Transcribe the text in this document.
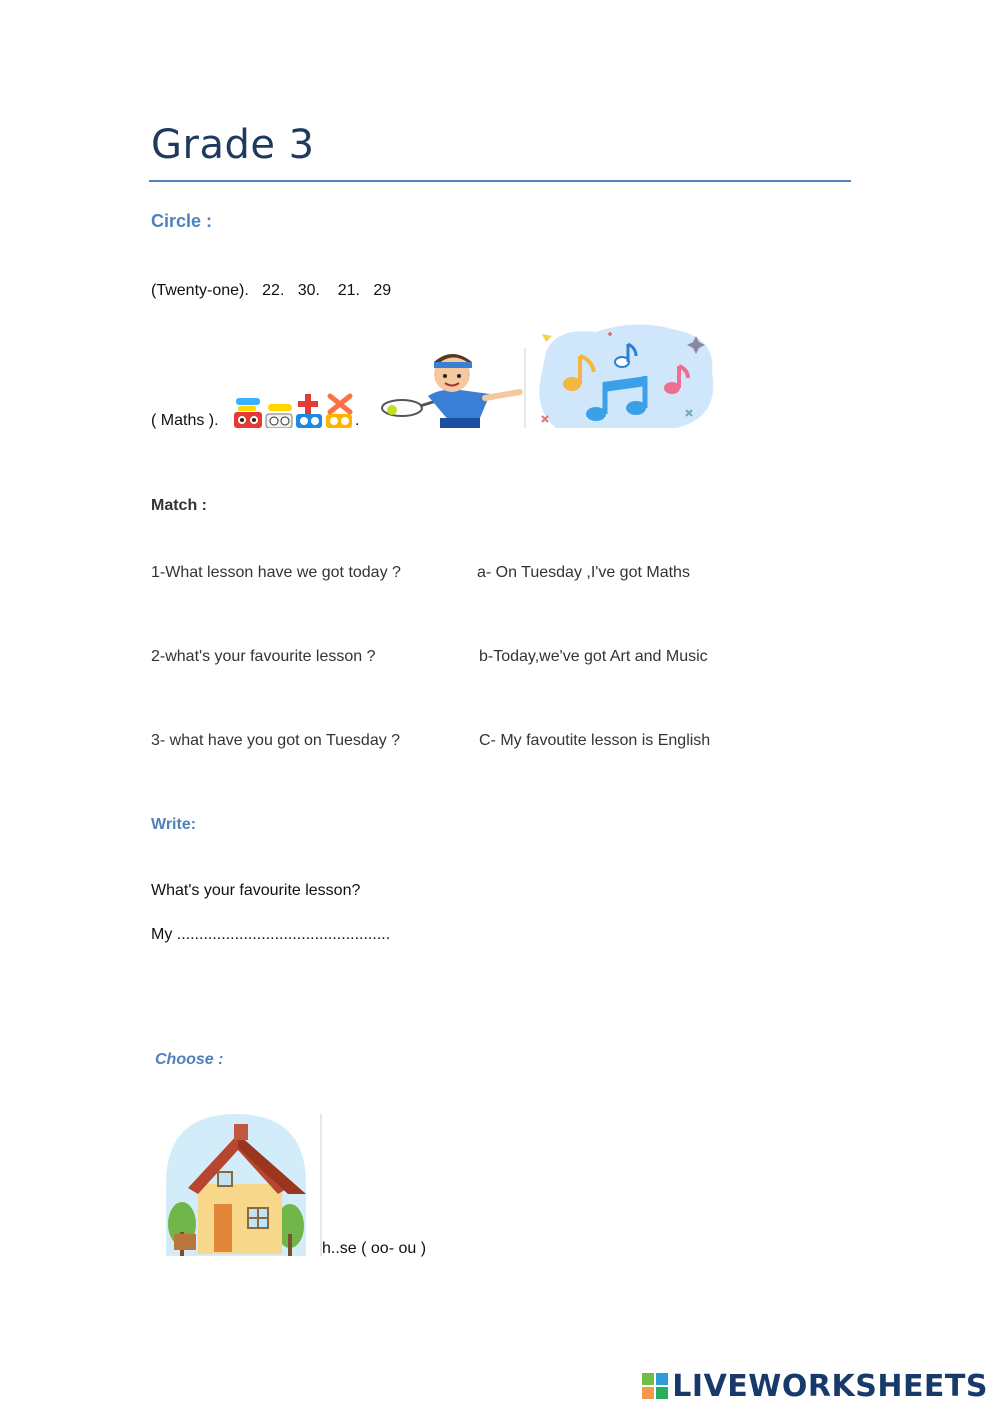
Grade 3
Circle :
(Twenty-one).   22.   30.    21.   29
( Maths ).	.
Match :
1-What lesson have we got today ?	a- On Tuesday ,I've got Maths
2-what's your favourite lesson ?	b-Today,we've got Art and Music
3- what have you got on Tuesday ?	C- My favoutite lesson is English
Write:
What's your favourite lesson?
My ................................................
Choose :
h..se ( oo- ou )
LIVEWORKSHEETS
